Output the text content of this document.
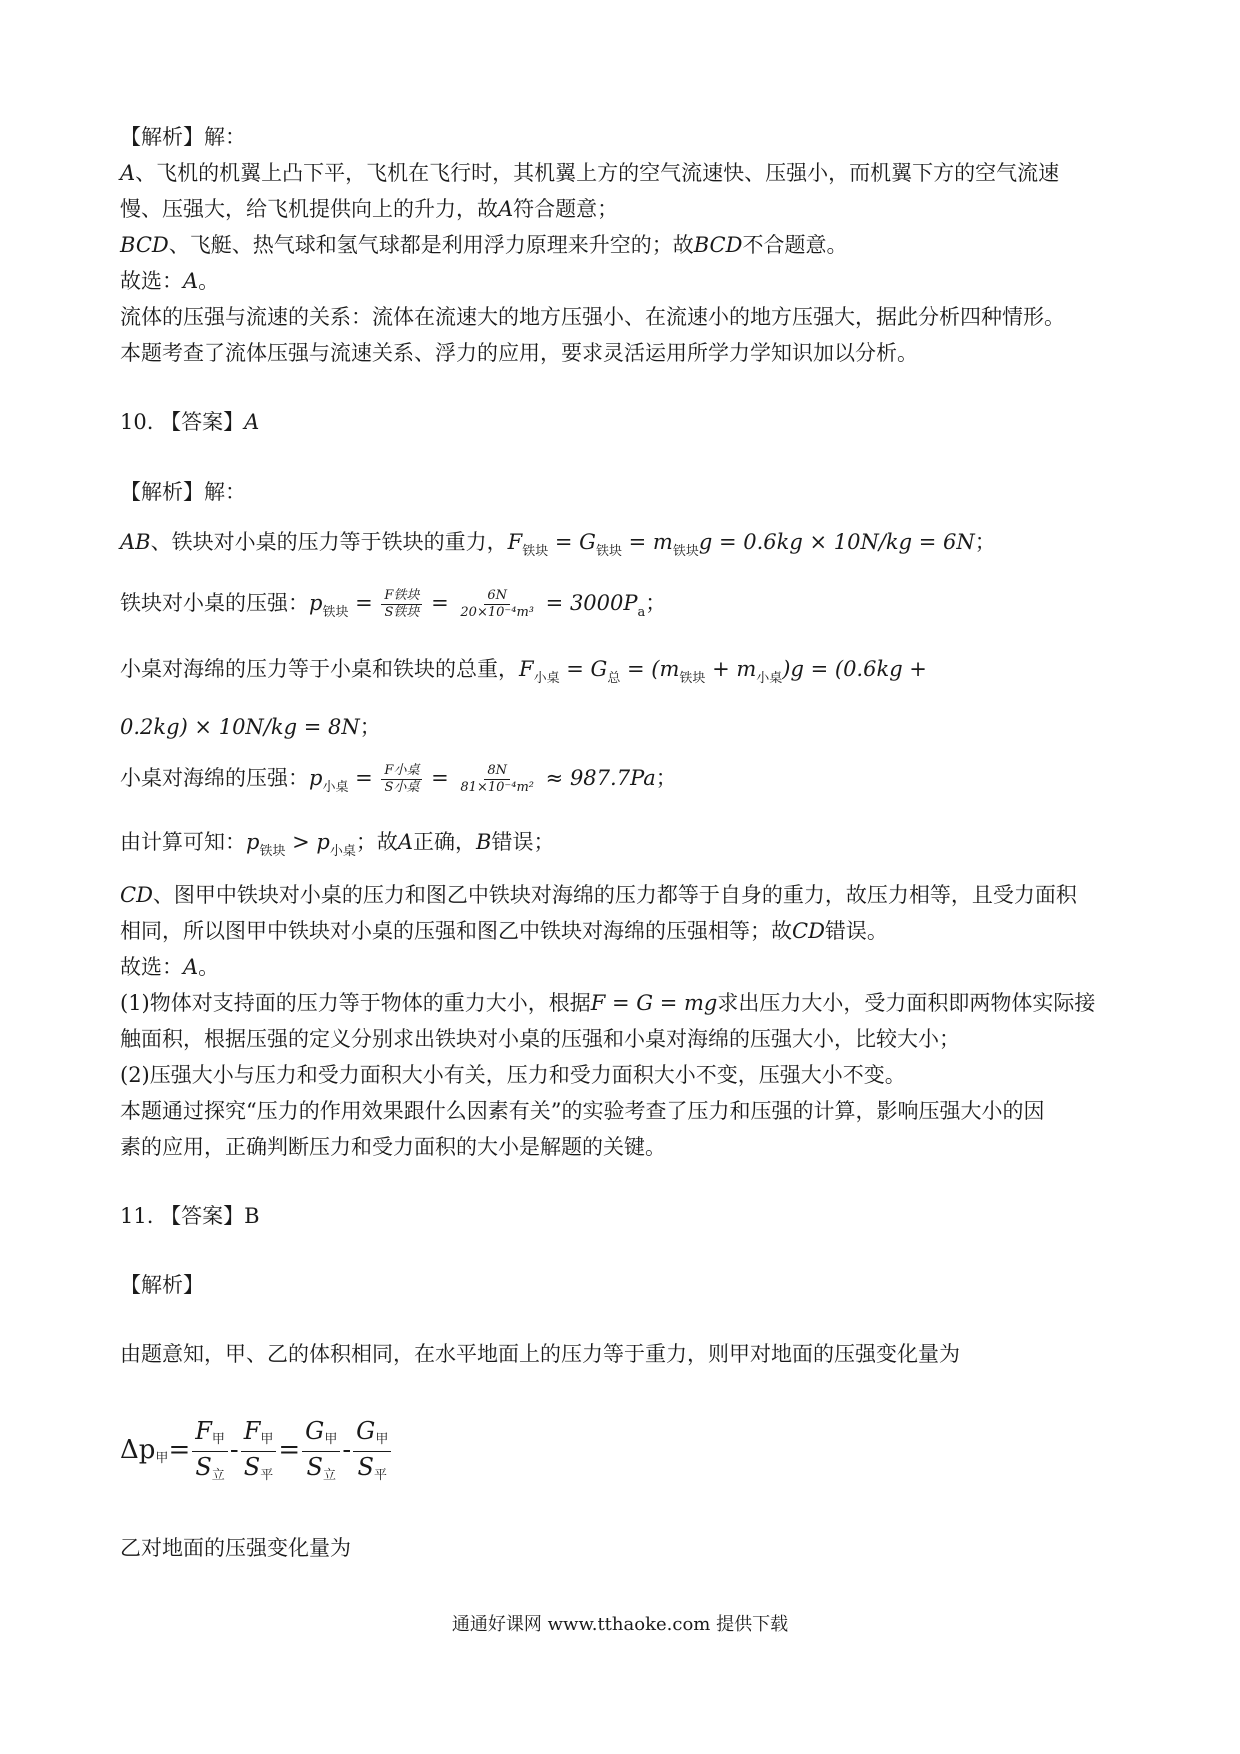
【解析】解：
A、飞机的机翼上凸下平，飞机在飞行时，其机翼上方的空气流速快、压强小，而机翼下方的空气流速
慢、压强大，给飞机提供向上的升力，故A符合题意；
BCD、飞艇、热气球和氢气球都是利用浮力原理来升空的；故BCD不合题意。
故选：A。
流体的压强与流速的关系：流体在流速大的地方压强小、在流速小的地方压强大，据此分析四种情形。
本题考查了流体压强与流速关系、浮力的应用，要求灵活运用所学力学知识加以分析。
10. 【答案】A
【解析】解：
AB、铁块对小桌的压力等于铁块的重力，$F_{铁块} = G_{铁块} = m_{铁块}g = 0.6kg \times 10N/kg = 6N$；
铁块对小桌的压强：$p_{铁块} = \frac{\text{F铁块}}{\text{S铁块}} = \frac{6N}{\text{20×10⁻⁴m³}} = 3000P_a$；
小桌对海绵的压力等于小桌和铁块的总重，$F_{小桌} = G_总 = (m_{铁块} + m_{小桌})g = (0.6kg$ +
0.2kg) × 10N/kg = 8N；
小桌对海绵的压强：$p_{小桌} = \frac{\text{F小桌}}{\text{S小桌}} = \frac{8N}{\text{81×10⁻⁴m²}} \approx 987.7Pa$；
由计算可知：$p_{铁块} > p_{小桌}$；故A正确，B错误；
CD、图甲中铁块对小桌的压力和图乙中铁块对海绵的压力都等于自身的重力，故压力相等，且受力面积
相同，所以图甲中铁块对小桌的压强和图乙中铁块对海绵的压强相等；故CD错误。
故选：A。
(1)物体对支持面的压力等于物体的重力大小，根据F = G = mg求出压力大小，受力面积即两物体实际接
触面积，根据压强的定义分别求出铁块对小桌的压强和小桌对海绵的压强大小，比较大小；
(2)压强大小与压力和受力面积大小有关，压力和受力面积大小不变，压强大小不变。
本题通过探究“压力的作用效果跟什么因素有关”的实验考查了压力和压强的计算，影响压强大小的因
素的应用，正确判断压力和受力面积的大小是解题的关键。
11. 【答案】B
【解析】
由题意知，甲、乙的体积相同，在水平地面上的压力等于重力，则甲对地面的压强变化量为
Δp甲= $\frac{\text{F甲}}{\text{S立}} - \frac{\text{F甲}}{\text{S平}} = \frac{\text{G甲}}{\text{S立}} - \frac{\text{G甲}}{\text{S平}}$
乙对地面的压强变化量为
通通好课网 www.tthaoke.com 提供下载
